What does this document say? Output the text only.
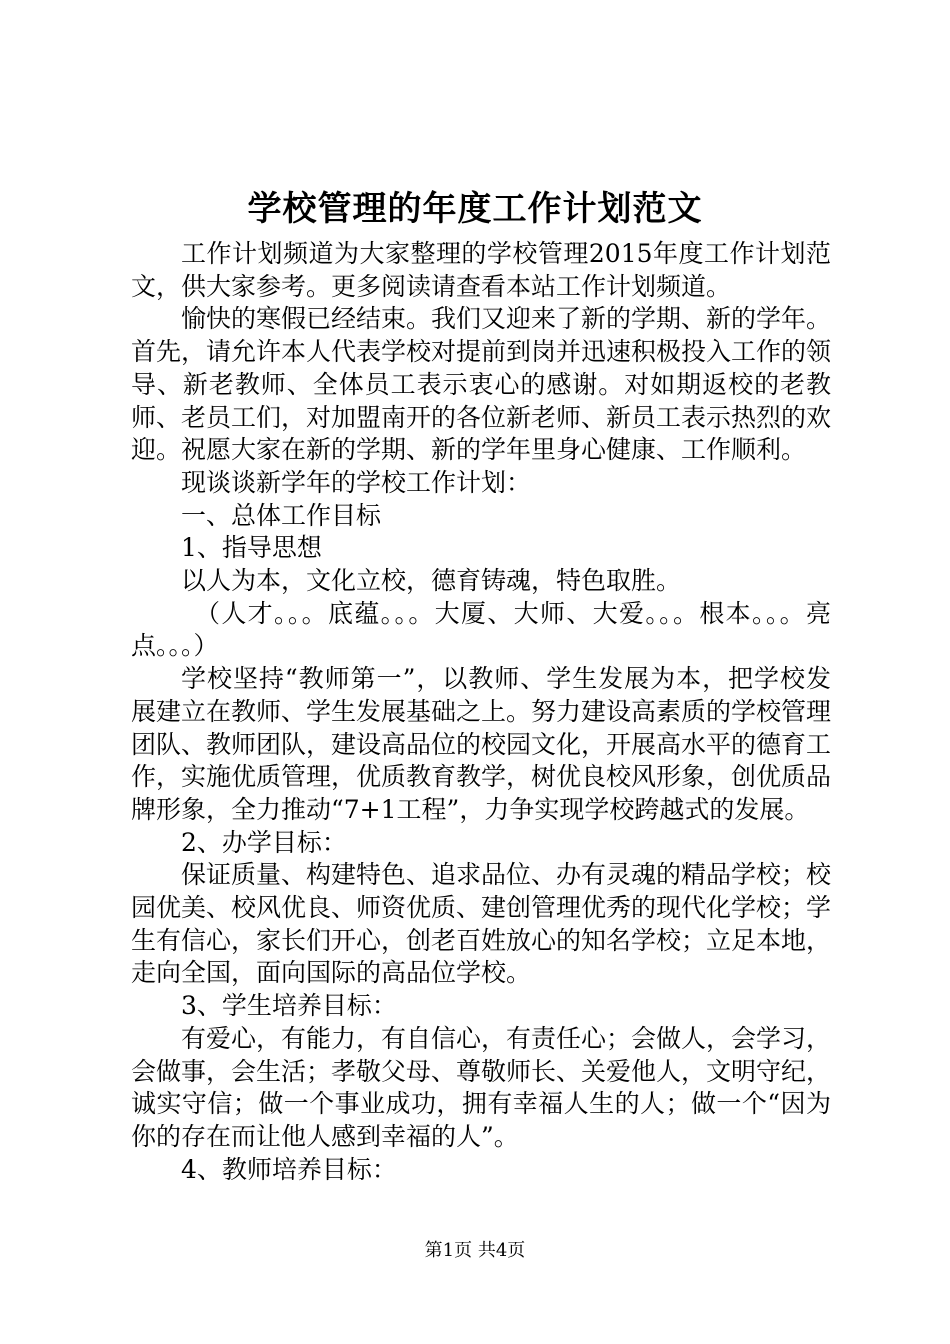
学校管理的年度工作计划范文

工作计划频道为大家整理的学校管理2015年度工作计划范文，供大家参考。更多阅读请查看本站工作计划频道。

愉快的寒假已经结束。我们又迎来了新的学期、新的学年。首先，请允许本人代表学校对提前到岗并迅速积极投入工作的领导、新老教师、全体员工表示衷心的感谢。对如期返校的老教师、老员工们，对加盟南开的各位新老师、新员工表示热烈的欢迎。祝愿大家在新的学期、新的学年里身心健康、工作顺利。

现谈谈新学年的学校工作计划：

一、总体工作目标

1、指导思想

以人为本，文化立校，德育铸魂，特色取胜。

（人才。。。底蕴。。。大厦、大师、大爱。。。根本。。。亮点。。。）

学校坚持“教师第一”，以教师、学生发展为本，把学校发展建立在教师、学生发展基础之上。努力建设高素质的学校管理团队、教师团队，建设高品位的校园文化，开展高水平的德育工作，实施优质管理，优质教育教学，树优良校风形象，创优质品牌形象，全力推动“7+1工程”，力争实现学校跨越式的发展。

2、办学目标：

保证质量、构建特色、追求品位、办有灵魂的精品学校；校园优美、校风优良、师资优质、建创管理优秀的现代化学校；学生有信心，家长们开心，创老百姓放心的知名学校；立足本地，走向全国，面向国际的高品位学校。

3、学生培养目标：

有爱心，有能力，有自信心，有责任心；会做人，会学习，会做事，会生活；孝敬父母、尊敬师长、关爱他人，文明守纪，诚实守信；做一个事业成功，拥有幸福人生的人；做一个“因为你的存在而让他人感到幸福的人”。

4、教师培养目标：

第1页 共4页
